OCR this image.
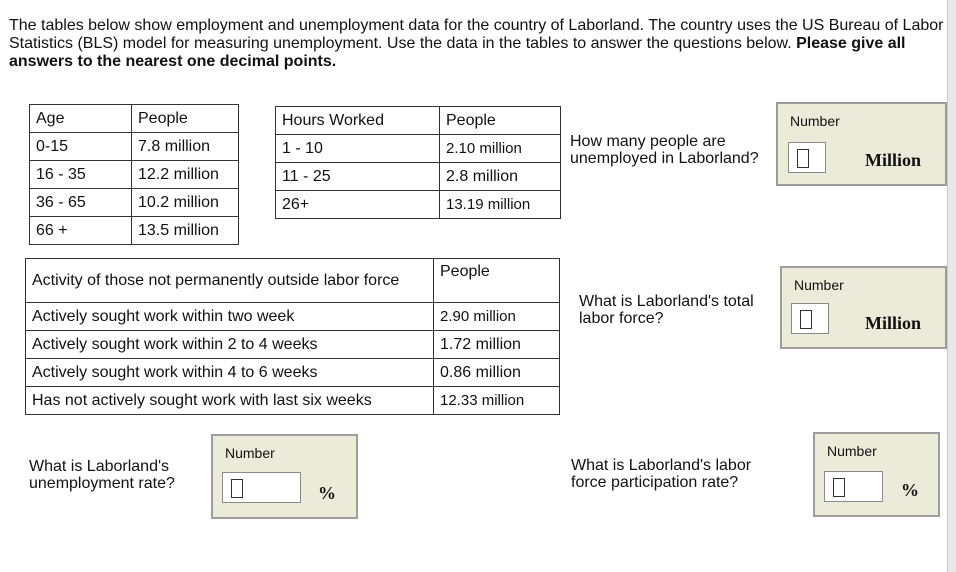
The tables below show employment and unemployment data for the country of Laborland. The country uses the US Bureau of Labor Statistics (BLS) model for measuring unemployment. Use the data in the tables to answer the questions below. Please give all answers to the nearest one decimal points.
Age	People
0-15	7.8 million
16 - 35	12.2 million
36 - 65	10.2 million
66 +	13.5 million
Hours Worked	People
1 - 10	2.10 million
11 - 25	2.8 million
26+	13.19 million
Activity of those not permanently outside labor force	People
Actively sought work within two week	2.90 million
Actively sought work within 2 to 4 weeks	1.72 million
Actively sought work within 4 to 6 weeks	0.86 million
Has not actively sought work with last six weeks	12.33 million
How many people are unemployed in Laborland?
Number
Million
What is Laborland's total labor force?
Number
Million
What is Laborland's unemployment rate?
Number
%
What is Laborland's labor force participation rate?
Number
%
